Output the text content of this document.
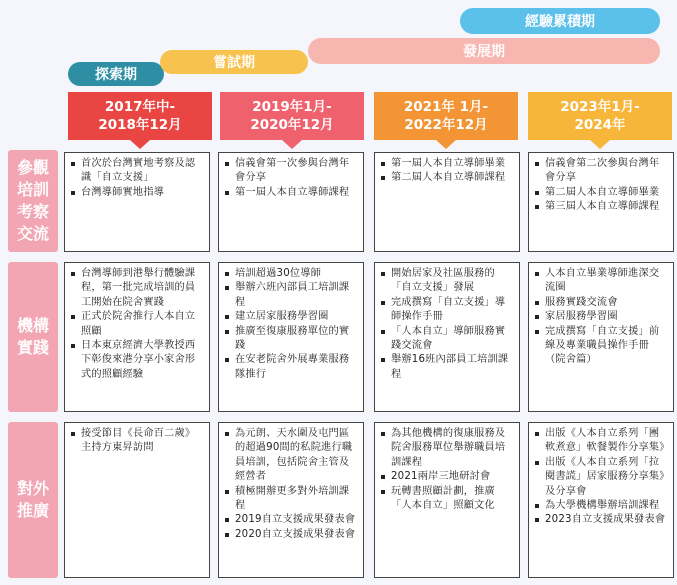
探索期
嘗試期
發展期
經驗累積期
2017年中-
2018年12月
2019年1月-
2020年12月
2021年 1月-
2022年12月
2023年1月-
2024年
參觀
培訓
考察
交流
機構
實踐
對外
推廣
首次於台灣實地考察及認識「自立支援」
台灣導師實地指導
信義會第一次參與台灣年會分享
第一屆人本自立導師課程
第一屆人本自立導師畢業
第二屆人本自立導師課程
信義會第二次參與台灣年會分享
第二屆人本自立導師畢業
第三屆人本自立導師課程
台灣導師到港舉行體驗課程，第一批完成培訓的員工開始在院舍實踐
正式於院舍推行人本自立照顧
日本東京經濟大學教授西下彰俊來港分享小家舍形式的照顧經驗
培訓超過30位導師
舉辦六班內部員工培訓課程
建立居家服務學習圈
推廣至復康服務單位的實踐
在安老院舍外展專業服務隊推行
開始居家及社區服務的「自立支援」發展
完成撰寫「自立支援」導師操作手冊
「人本自立」導師服務實踐交流會
舉辦16班內部員工培訓課程
人本自立畢業導師進深交流圈
服務實踐交流會
家居服務學習圈
完成撰寫「自立支援」前線及專業職員操作手冊（院舍篇）
接受節目《長命百二歲》主持方東昇訪問
為元朗、天水圍及屯門區的超過90間的私院進行職員培訓，包括院舍主管及經營者
積極開辦更多對外培訓課程
2019自立支援成果發表會
2020自立支援成果發表會
為其他機構的復康服務及院舍服務單位舉辦職員培訓課程
2021兩岸三地研討會
玩轉書照顧計劃，推廣「人本自立」照顧文化
出版《人本自立系列「團軟煮意」軟餐製作分享集》
出版《人本自立系列「拉閱書謊」居家服務分享集》及分享會
為大學機構舉辦培訓課程
2023自立支援成果發表會
